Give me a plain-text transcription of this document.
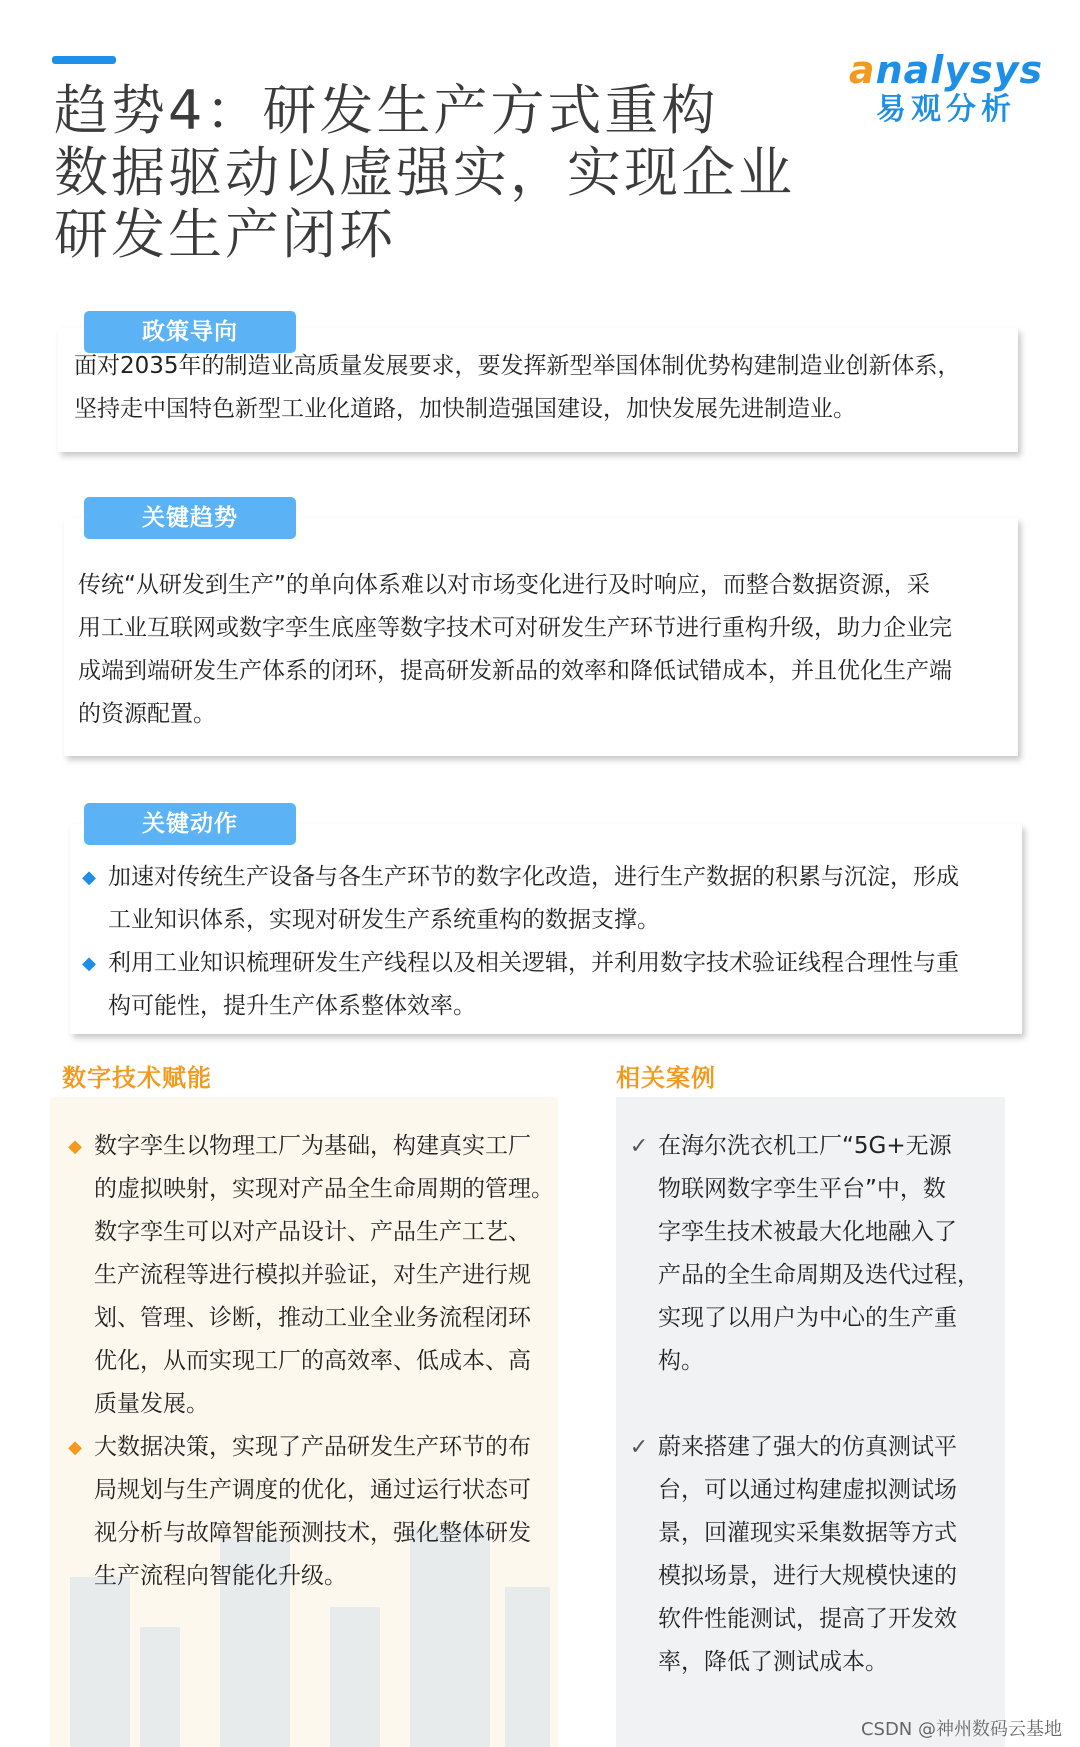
趋势4：研发生产方式重构
数据驱动以虚强实，实现企业
研发生产闭环
analysys
易观分析
面对2035年的制造业高质量发展要求，要发挥新型举国体制优势构建制造业创新体系，
坚持走中国特色新型工业化道路，加快制造强国建设，加快发展先进制造业。
政策导向
传统“从研发到生产”的单向体系难以对市场变化进行及时响应，而整合数据资源，采
用工业互联网或数字孪生底座等数字技术可对研发生产环节进行重构升级，助力企业完
成端到端研发生产体系的闭环，提高研发新品的效率和降低试错成本，并且优化生产端
的资源配置。
关键趋势
◆ 加速对传统生产设备与各生产环节的数字化改造，进行生产数据的积累与沉淀，形成
工业知识体系，实现对研发生产系统重构的数据支撑。
◆ 利用工业知识梳理研发生产线程以及相关逻辑，并利用数字技术验证线程合理性与重
构可能性，提升生产体系整体效率。
关键动作
数字技术赋能	相关案例
◆ 数字孪生以物理工厂为基础，构建真实工厂
的虚拟映射，实现对产品全生命周期的管理。
数字孪生可以对产品设计、产品生产工艺、
生产流程等进行模拟并验证，对生产进行规
划、管理、诊断，推动工业全业务流程闭环
优化，从而实现工厂的高效率、低成本、高
质量发展。
◆ 大数据决策，实现了产品研发生产环节的布
局规划与生产调度的优化，通过运行状态可
视分析与故障智能预测技术，强化整体研发
生产流程向智能化升级。
✓ 在海尔洗衣机工厂“5G+无源
物联网数字孪生平台”中，数
字孪生技术被最大化地融入了
产品的全生命周期及迭代过程，
实现了以用户为中心的生产重
构。
✓ 蔚来搭建了强大的仿真测试平
台，可以通过构建虚拟测试场
景，回灌现实采集数据等方式
模拟场景，进行大规模快速的
软件性能测试，提高了开发效
率，降低了测试成本。
CSDN @神州数码云基地
